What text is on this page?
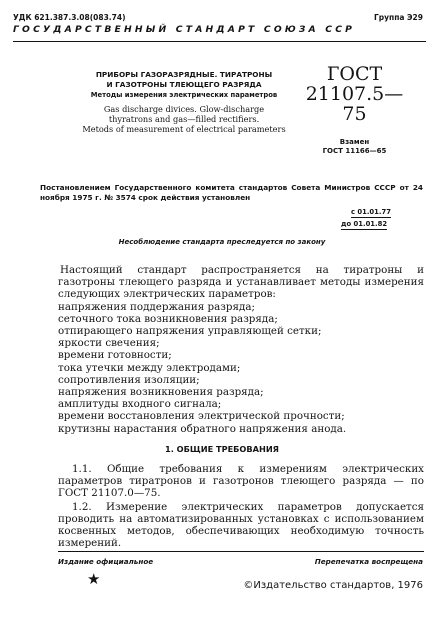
УДК 621.387.3.08(083.74)	Группа Э29
ГОСУДАРСТВЕННЫЙ СТАНДАРТ СОЮЗА ССР
ПРИБОРЫ ГАЗОРАЗРЯДНЫЕ. ТИРАТРОНЫ
И ГАЗОТРОНЫ ТЛЕЮЩЕГО РАЗРЯДА
Методы измерения электрических параметров
Gas discharge divices. Glow-discharge
thyratrons and gas—filled rectifiers.
Metods of measurement of electrical parameters
ГОСТ
21107.5—75
Взамен
ГОСТ 11166—65
Постановлением Государственного комитета стандартов Совета Министров СССР от 24 ноября 1975 г. № 3574 срок действия установлен
с 01.01.77
до 01.01.82
Несоблюдение стандарта преследуется по закону
Настоящий стандарт распространяется на тиратроны и газотроны тлеющего разряда и устанавливает методы измерения следующих электрических параметров:
напряжения поддержания разряда;
сеточного тока возникновения разряда;
отпирающего напряжения управляющей сетки;
яркости свечения;
времени готовности;
тока утечки между электродами;
сопротивления изоляции;
напряжения возникновения разряда;
амплитуды входного сигнала;
времени восстановления электрической прочности;
крутизны нарастания обратного напряжения анода.
1. ОБЩИЕ ТРЕБОВАНИЯ

1.1. Общие требования к измерениям электрических параметров тиратронов и газотронов тлеющего разряда — по ГОСТ 21107.0—75.

1.2. Измерение электрических параметров допускается проводить на автоматизированных установках с использованием косвенных методов, обеспечивающих необходимую точность измерений.

Издание официальное	Перепечатка воспрещена
★	©Издательство стандартов, 1976
